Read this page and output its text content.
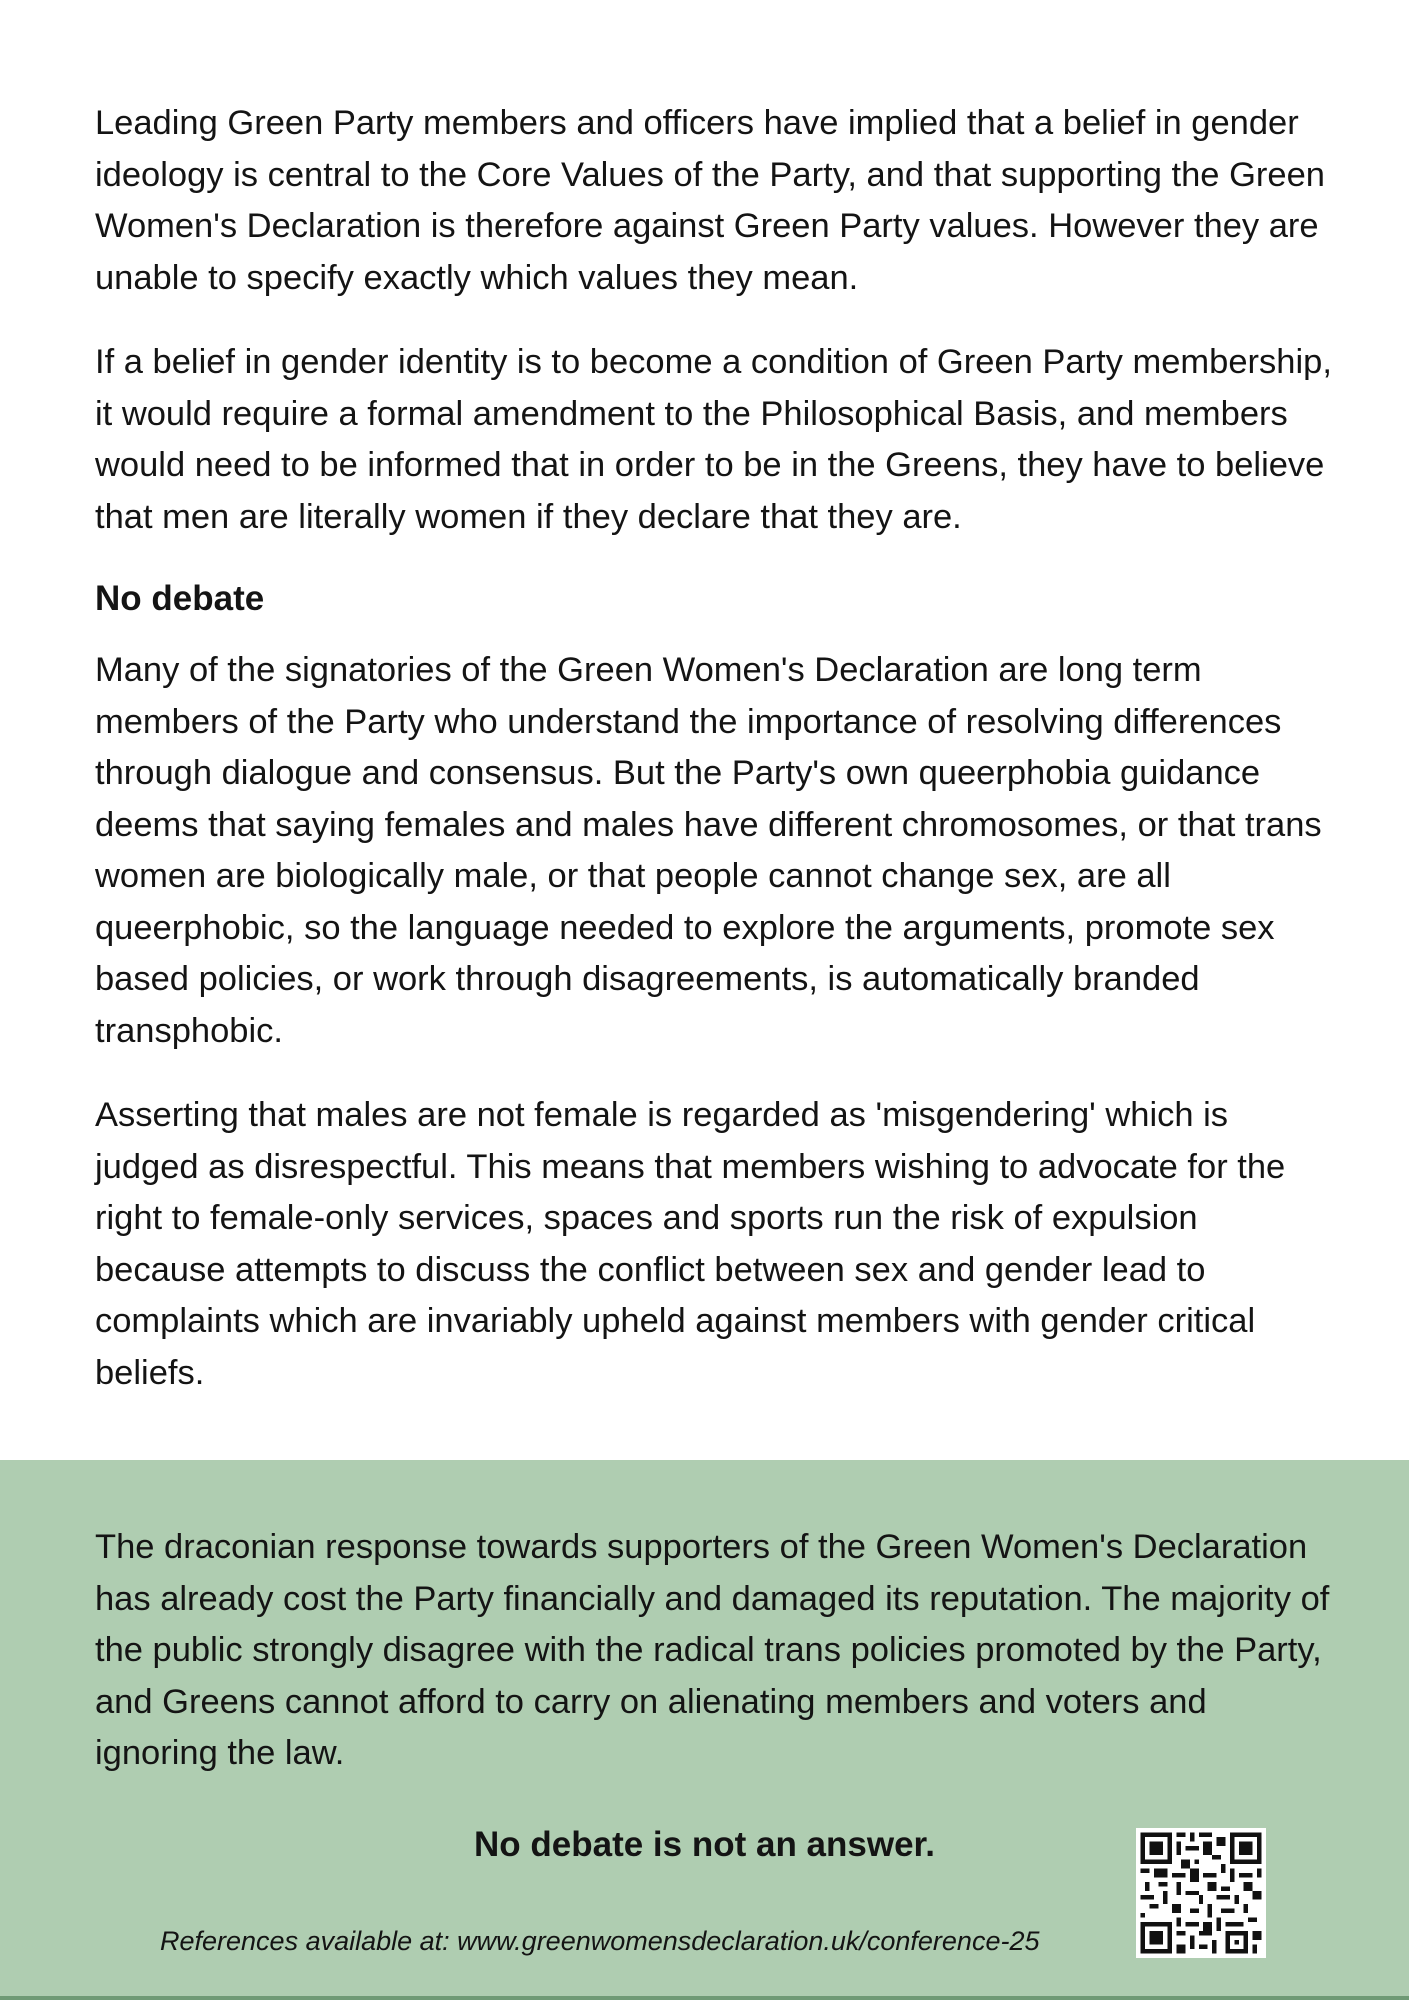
Leading Green Party members and officers have implied that a belief in gender ideology is central to the Core Values of the Party, and that supporting the Green Women's Declaration is therefore against Green Party values. However they are unable to specify exactly which values they mean.

If a belief in gender identity is to become a condition of Green Party membership, it would require a formal amendment to the Philosophical Basis, and members would need to be informed that in order to be in the Greens, they have to believe that men are literally women if they declare that they are.

No debate

Many of the signatories of the Green Women's Declaration are long term members of the Party who understand the importance of resolving differences through dialogue and consensus. But the Party's own queerphobia guidance deems that saying females and males have different chromosomes, or that trans women are biologically male, or that people cannot change sex, are all queerphobic, so the language needed to explore the arguments, promote sex based policies, or work through disagreements, is automatically branded transphobic.

Asserting that males are not female is regarded as 'misgendering' which is judged as disrespectful. This means that members wishing to advocate for the right to female-only services, spaces and sports run the risk of expulsion because attempts to discuss the conflict between sex and gender lead to complaints which are invariably upheld against members with gender critical beliefs.

The draconian response towards supporters of the Green Women's Declaration has already cost the Party financially and damaged its reputation. The majority of the public strongly disagree with the radical trans policies promoted by the Party, and Greens cannot afford to carry on alienating members and voters and ignoring the law.

No debate is not an answer.

References available at: www.greenwomensdeclaration.uk/conference-25
